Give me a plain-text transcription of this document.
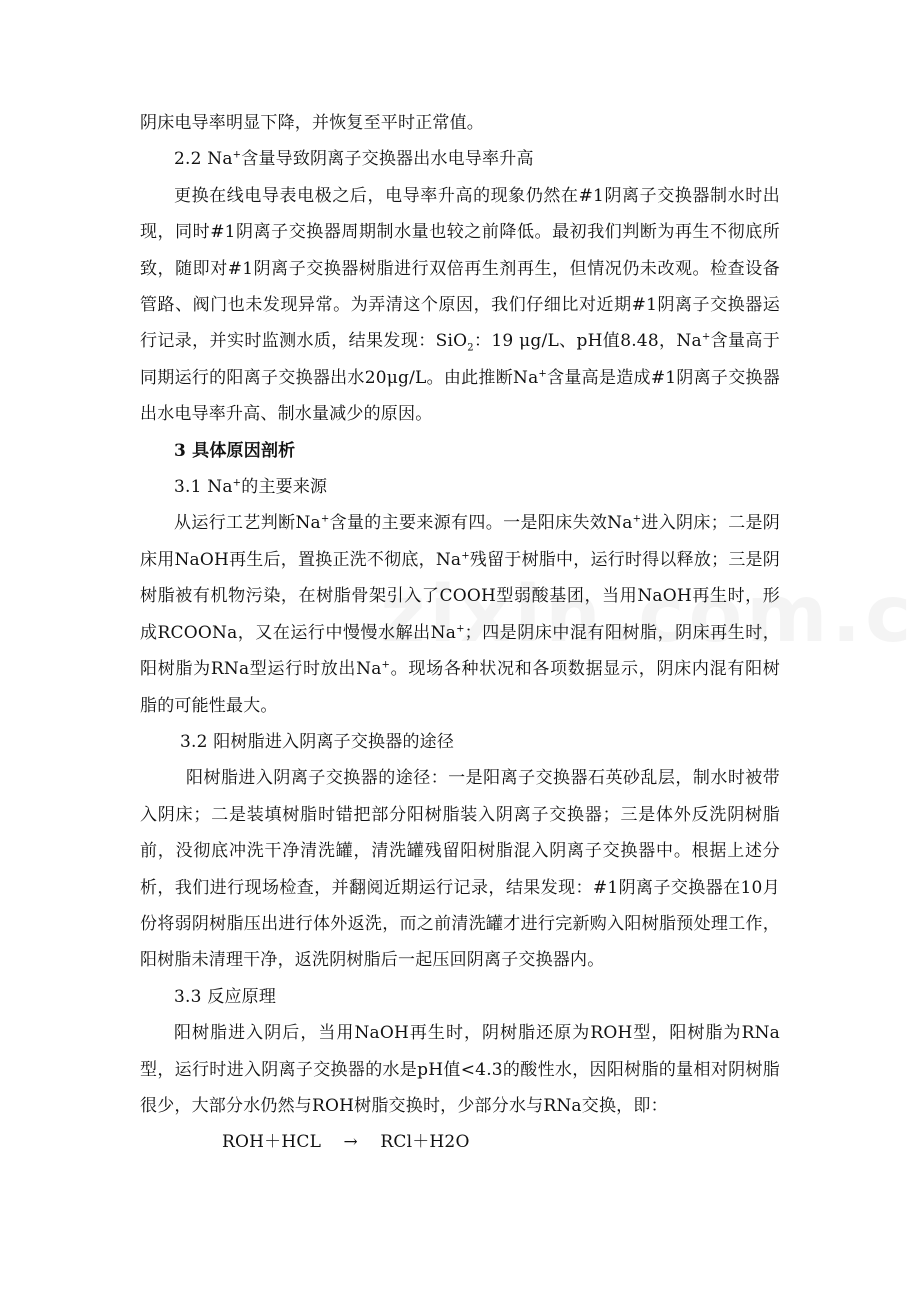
阴床电导率明显下降，并恢复至平时正常值。

2.2 Na+含量导致阴离子交换器出水电导率升高

更换在线电导表电极之后，电导率升高的现象仍然在#1阴离子交换器制水时出现，同时#1阴离子交换器周期制水量也较之前降低。最初我们判断为再生不彻底所致，随即对#1阴离子交换器树脂进行双倍再生剂再生，但情况仍未改观。检查设备管路、阀门也未发现异常。为弄清这个原因，我们仔细比对近期#1阴离子交换器运行记录，并实时监测水质，结果发现：SiO$_2$：19 μg/L、pH值8.48，Na+含量高于同期运行的阳离子交换器出水20μg/L。由此推断Na+含量高是造成#1阴离子交换器出水电导率升高、制水量减少的原因。

3 具体原因剖析

3.1 Na+的主要来源

从运行工艺判断Na+含量的主要来源有四。一是阳床失效Na+进入阴床；二是阴床用NaOH再生后，置换正洗不彻底，Na+残留于树脂中，运行时得以释放；三是阴树脂被有机物污染，在树脂骨架引入了COOH型弱酸基团，当用NaOH再生时，形成RCOONa，又在运行中慢慢水解出Na+；四是阴床中混有阳树脂，阴床再生时，阳树脂为RNa型运行时放出Na+。现场各种状况和各项数据显示，阴床内混有阳树脂的可能性最大。

3.2 阳树脂进入阴离子交换器的途径

阳树脂进入阴离子交换器的途径：一是阳离子交换器石英砂乱层，制水时被带入阴床；二是装填树脂时错把部分阳树脂装入阴离子交换器；三是体外反洗阴树脂前，没彻底冲洗干净清洗罐，清洗罐残留阳树脂混入阴离子交换器中。根据上述分析，我们进行现场检查，并翻阅近期运行记录，结果发现：#1阴离子交换器在10月份将弱阴树脂压出进行体外返洗，而之前清洗罐才进行完新购入阳树脂预处理工作，阳树脂未清理干净，返洗阴树脂后一起压回阴离子交换器内。

3.3 反应原理

阳树脂进入阴后，当用NaOH再生时，阴树脂还原为ROH型，阳树脂为RNa型，运行时进入阴离子交换器的水是pH值<4.3的酸性水，因阳树脂的量相对阴树脂很少，大部分水仍然与ROH树脂交换时，少部分水与RNa交换，即：

ROH＋HCL    →    RCl＋H2O
